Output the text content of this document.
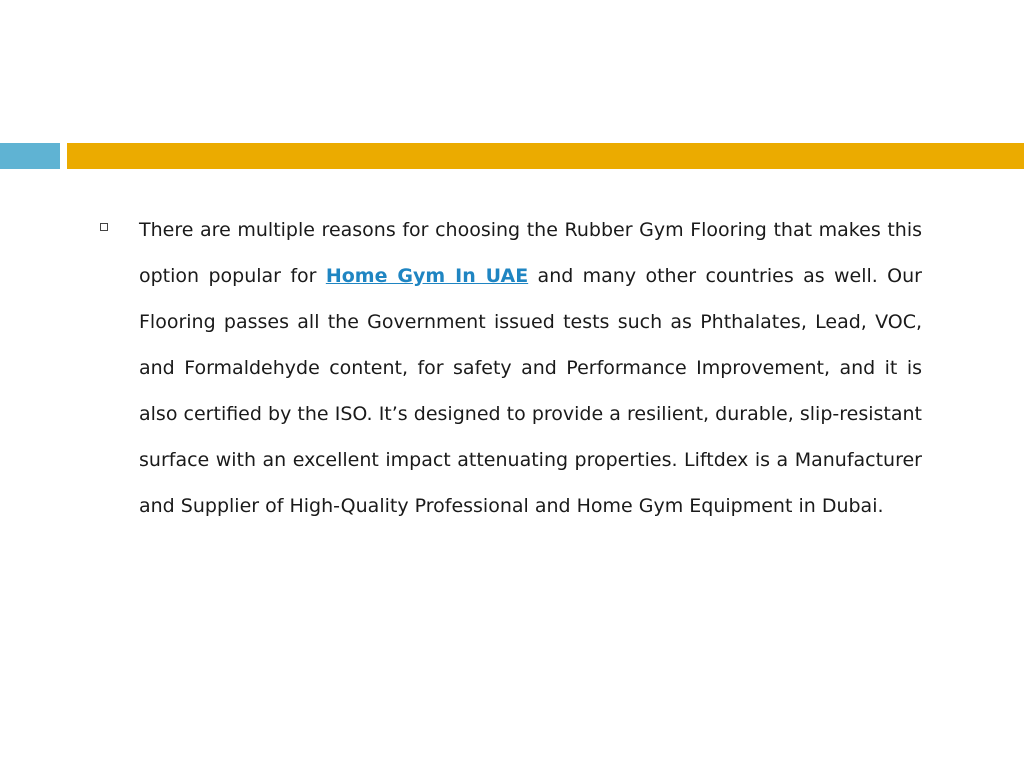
There are multiple reasons for choosing the Rubber Gym Flooring that makes this option popular for Home Gym In UAE and many other countries as well. Our Flooring passes all the Government issued tests such as Phthalates, Lead, VOC, and Formaldehyde content, for safety and Performance Improvement, and it is also certified by the ISO. It’s designed to provide a resilient, durable, slip-resistant surface with an excellent impact attenuating properties. Liftdex is a Manufacturer and Supplier of High-Quality Professional and Home Gym Equipment in Dubai.
